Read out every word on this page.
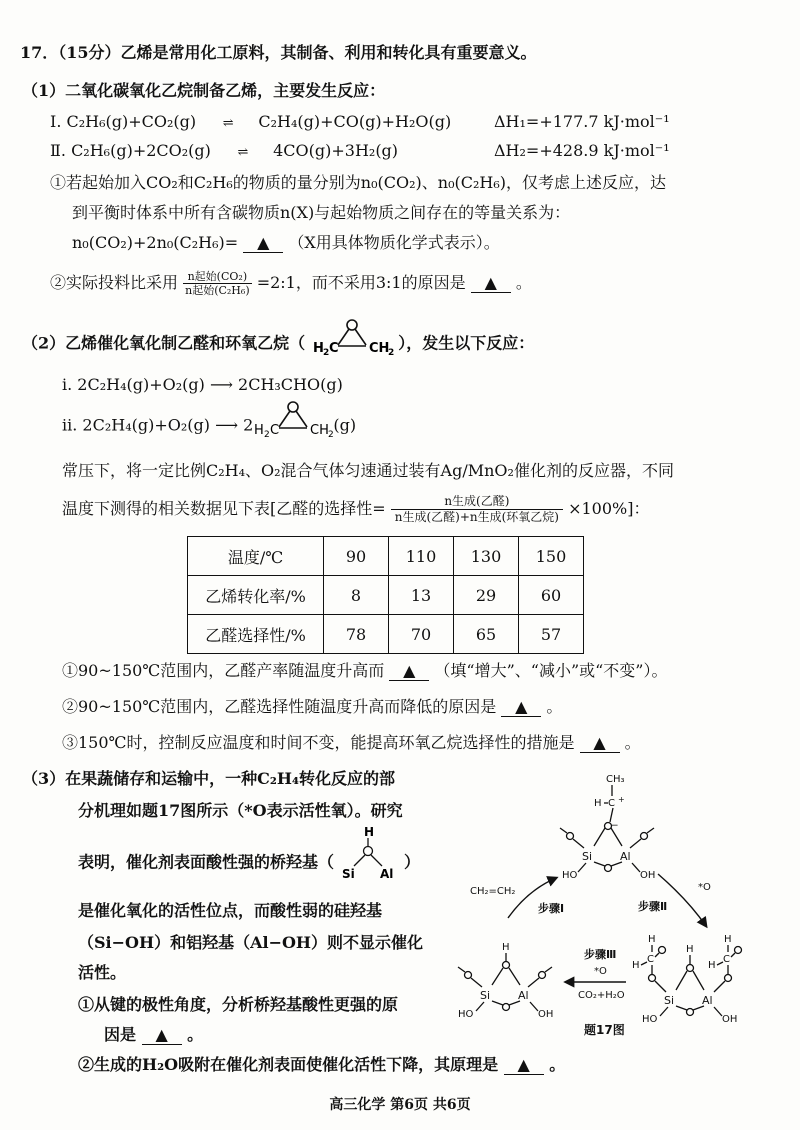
17．（15分）乙烯是常用化工原料，其制备、利用和转化具有重要意义。
（1）二氧化碳氧化乙烷制备乙烯，主要发生反应：
Ⅰ. C₂H₆(g)+CO₂(g) ⇌ C₂H₄(g)+CO(g)+H₂O(g)	ΔH₁=+177.7 kJ·mol⁻¹
Ⅱ. C₂H₆(g)+2CO₂(g) ⇌ 4CO(g)+3H₂(g)	ΔH₂=+428.9 kJ·mol⁻¹
①若起始加入CO₂和C₂H₆的物质的量分别为n₀(CO₂)、n₀(C₂H₆)，仅考虑上述反应，达
到平衡时体系中所有含碳物质n(X)与起始物质之间存在的等量关系为：
n₀(CO₂)+2n₀(C₂H₆)= ▲ （X用具体物质化学式表示）。
②实际投料比采用 $\frac{\text{n起始(CO₂)}}{\text{n起始(C₂H₆)}}$ =2:1，而不采用3:1的原因是 ▲ 。
（2）乙烯催化氧化制乙醛和环氧乙烷（ H 2 C CH
2
），发生以下反应：
i. 2C₂H₄(g)+O₂(g) ⟶ 2CH₃CHO(g)
ii. 2C₂H₄(g)+O₂(g) ⟶ 2 H 2 C CH 2
(g)
常压下，将一定比例C₂H₄、O₂混合气体匀速通过装有Ag/MnO₂催化剂的反应器，不同
温度下测得的相关数据见下表[乙醛的选择性= $\frac{\text{n生成(乙醛)}}{\text{n生成(乙醛)+n生成(环氧乙烷)}} \times 100\%$]：
温度/℃	90	110	130	150
乙烯转化率/%	8	13	29	60
乙醛选择性/%	78	70	65	57
①90~150℃范围内，乙醛产率随温度升高而 ▲ （填“增大”、“减小”或“不变”）。
②90~150℃范围内，乙醛选择性随温度升高而降低的原因是 ▲ 。
③150℃时，控制反应温度和时间不变，能提高环氧乙烷选择性的措施是 ▲ 。
（3）在果蔬储存和运输中，一种C₂H₄转化反应的部
分机理如题17图所示（*O表示活性氧）。研究
表明，催化剂表面酸性强的桥羟基（
H
Si Al
）
是催化氧化的活性位点，而酸性弱的硅羟基
（Si−OH）和铝羟基（Al−OH）则不显示催化
活性。
①从键的极性角度，分析桥羟基酸性更强的原
因是 ▲ 。
②生成的H₂O吸附在催化剂表面使催化活性下降，其原理是 ▲ 。
CH₃
H C +
−
Si	Al
HO	OH
CH₂=CH₂
步骤Ⅰ
*O
步骤Ⅱ
H
Si	Al
HO	OH
步骤Ⅲ
*O
CO₂+H₂O
题17图
H
C
H
H
C
H
H
Si	Al
HO	OH
高三化学 第6页 共6页
